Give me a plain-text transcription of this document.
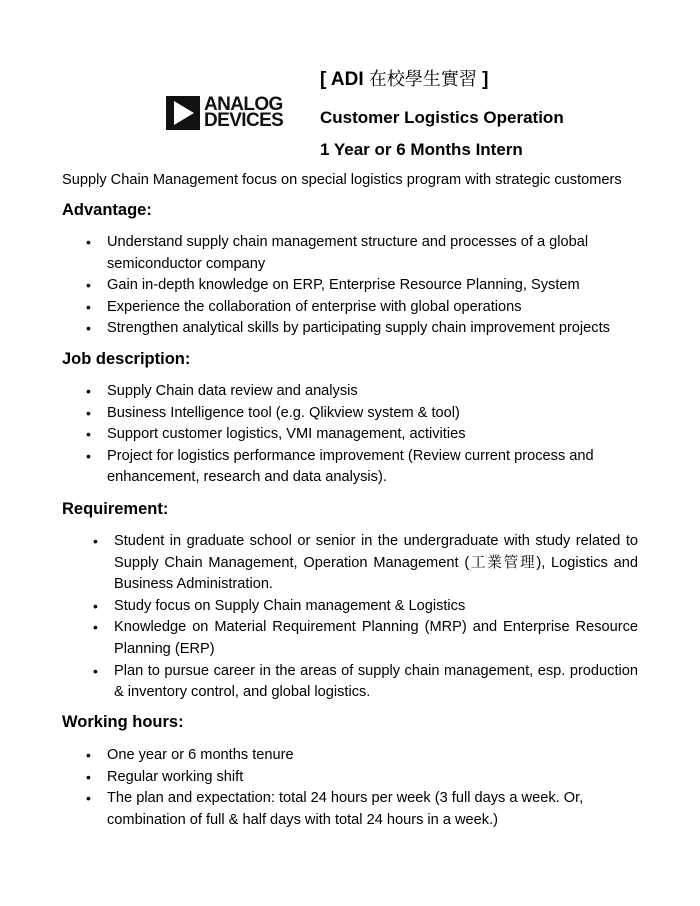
ANALOG
DEVICES
[ ADI 在校學生實習 ]
Customer Logistics Operation
1 Year or 6 Months Intern
Supply Chain Management focus on special logistics program with strategic customers
Advantage:
• Understand supply chain management structure and processes of a global semiconductor company
• Gain in-depth knowledge on ERP, Enterprise Resource Planning, System
• Experience the collaboration of enterprise with global operations
• Strengthen analytical skills by participating supply chain improvement projects
Job description:
• Supply Chain data review and analysis
• Business Intelligence tool (e.g. Qlikview system & tool)
• Support customer logistics, VMI management, activities
• Project for logistics performance improvement (Review current process and enhancement, research and data analysis).
Requirement:
• Student in graduate school or senior in the undergraduate with study related to Supply Chain Management, Operation Management (工業管理), Logistics and Business Administration.
• Study focus on Supply Chain management & Logistics
• Knowledge on Material Requirement Planning (MRP) and Enterprise Resource Planning (ERP)
• Plan to pursue career in the areas of supply chain management, esp. production & inventory control, and global logistics.
Working hours:
• One year or 6 months tenure
• Regular working shift
• The plan and expectation: total 24 hours per week (3 full days a week. Or, combination of full & half days with total 24 hours in a week.)
